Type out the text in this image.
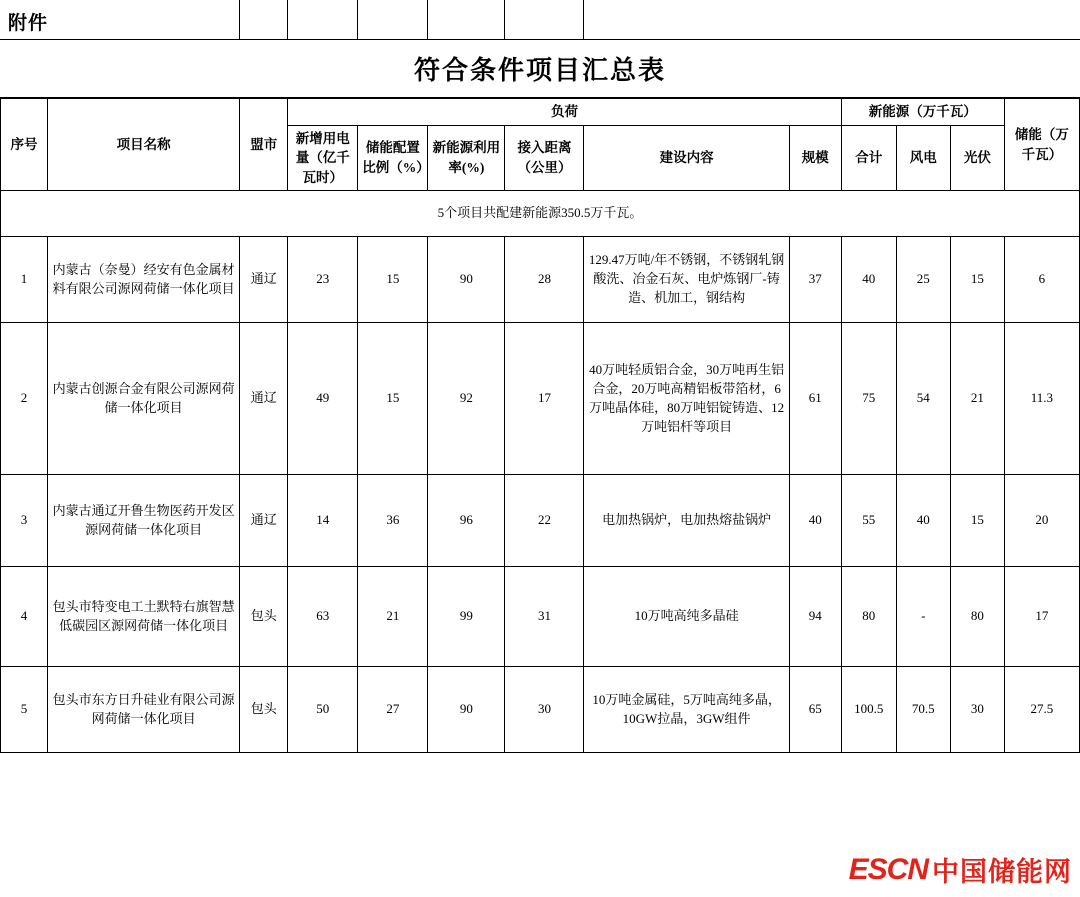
附件
符合条件项目汇总表
序号	项目名称	盟市	负荷						新能源（万千瓦）			储能（万千瓦）
			新增用电量（亿千瓦时）	储能配置比例（%）	新能源利用率(%)	接入距离（公里）	建设内容	规模	合计	风电	光伏	
5个项目共配建新能源350.5万千瓦。												
1	内蒙古（奈曼）经安有色金属材料有限公司源网荷储一体化项目	通辽	23	15	90	28	129.47万吨/年不锈钢，不锈钢轧钢酸洗、冶金石灰、电炉炼钢厂-铸造、机加工，钢结构	37	40	25	15	6
2	内蒙古创源合金有限公司源网荷储一体化项目	通辽	49	15	92	17	40万吨轻质铝合金，30万吨再生铝合金，20万吨高精铝板带箔材，6万吨晶体硅，80万吨铝锭铸造、12万吨铝杆等项目	61	75	54	21	11.3
3	内蒙古通辽开鲁生物医药开发区源网荷储一体化项目	通辽	14	36	96	22	电加热锅炉，电加热熔盐锅炉	40	55	40	15	20
4	包头市特变电工土默特右旗智慧低碳园区源网荷储一体化项目	包头	63	21	99	31	10万吨高纯多晶硅	94	80	-	80	17
5	包头市东方日升硅业有限公司源网荷储一体化项目	包头	50	27	90	30	10万吨金属硅，5万吨高纯多晶，10GW拉晶，3GW组件	65	100.5	70.5	30	27.5
ESCN 中国储能网
